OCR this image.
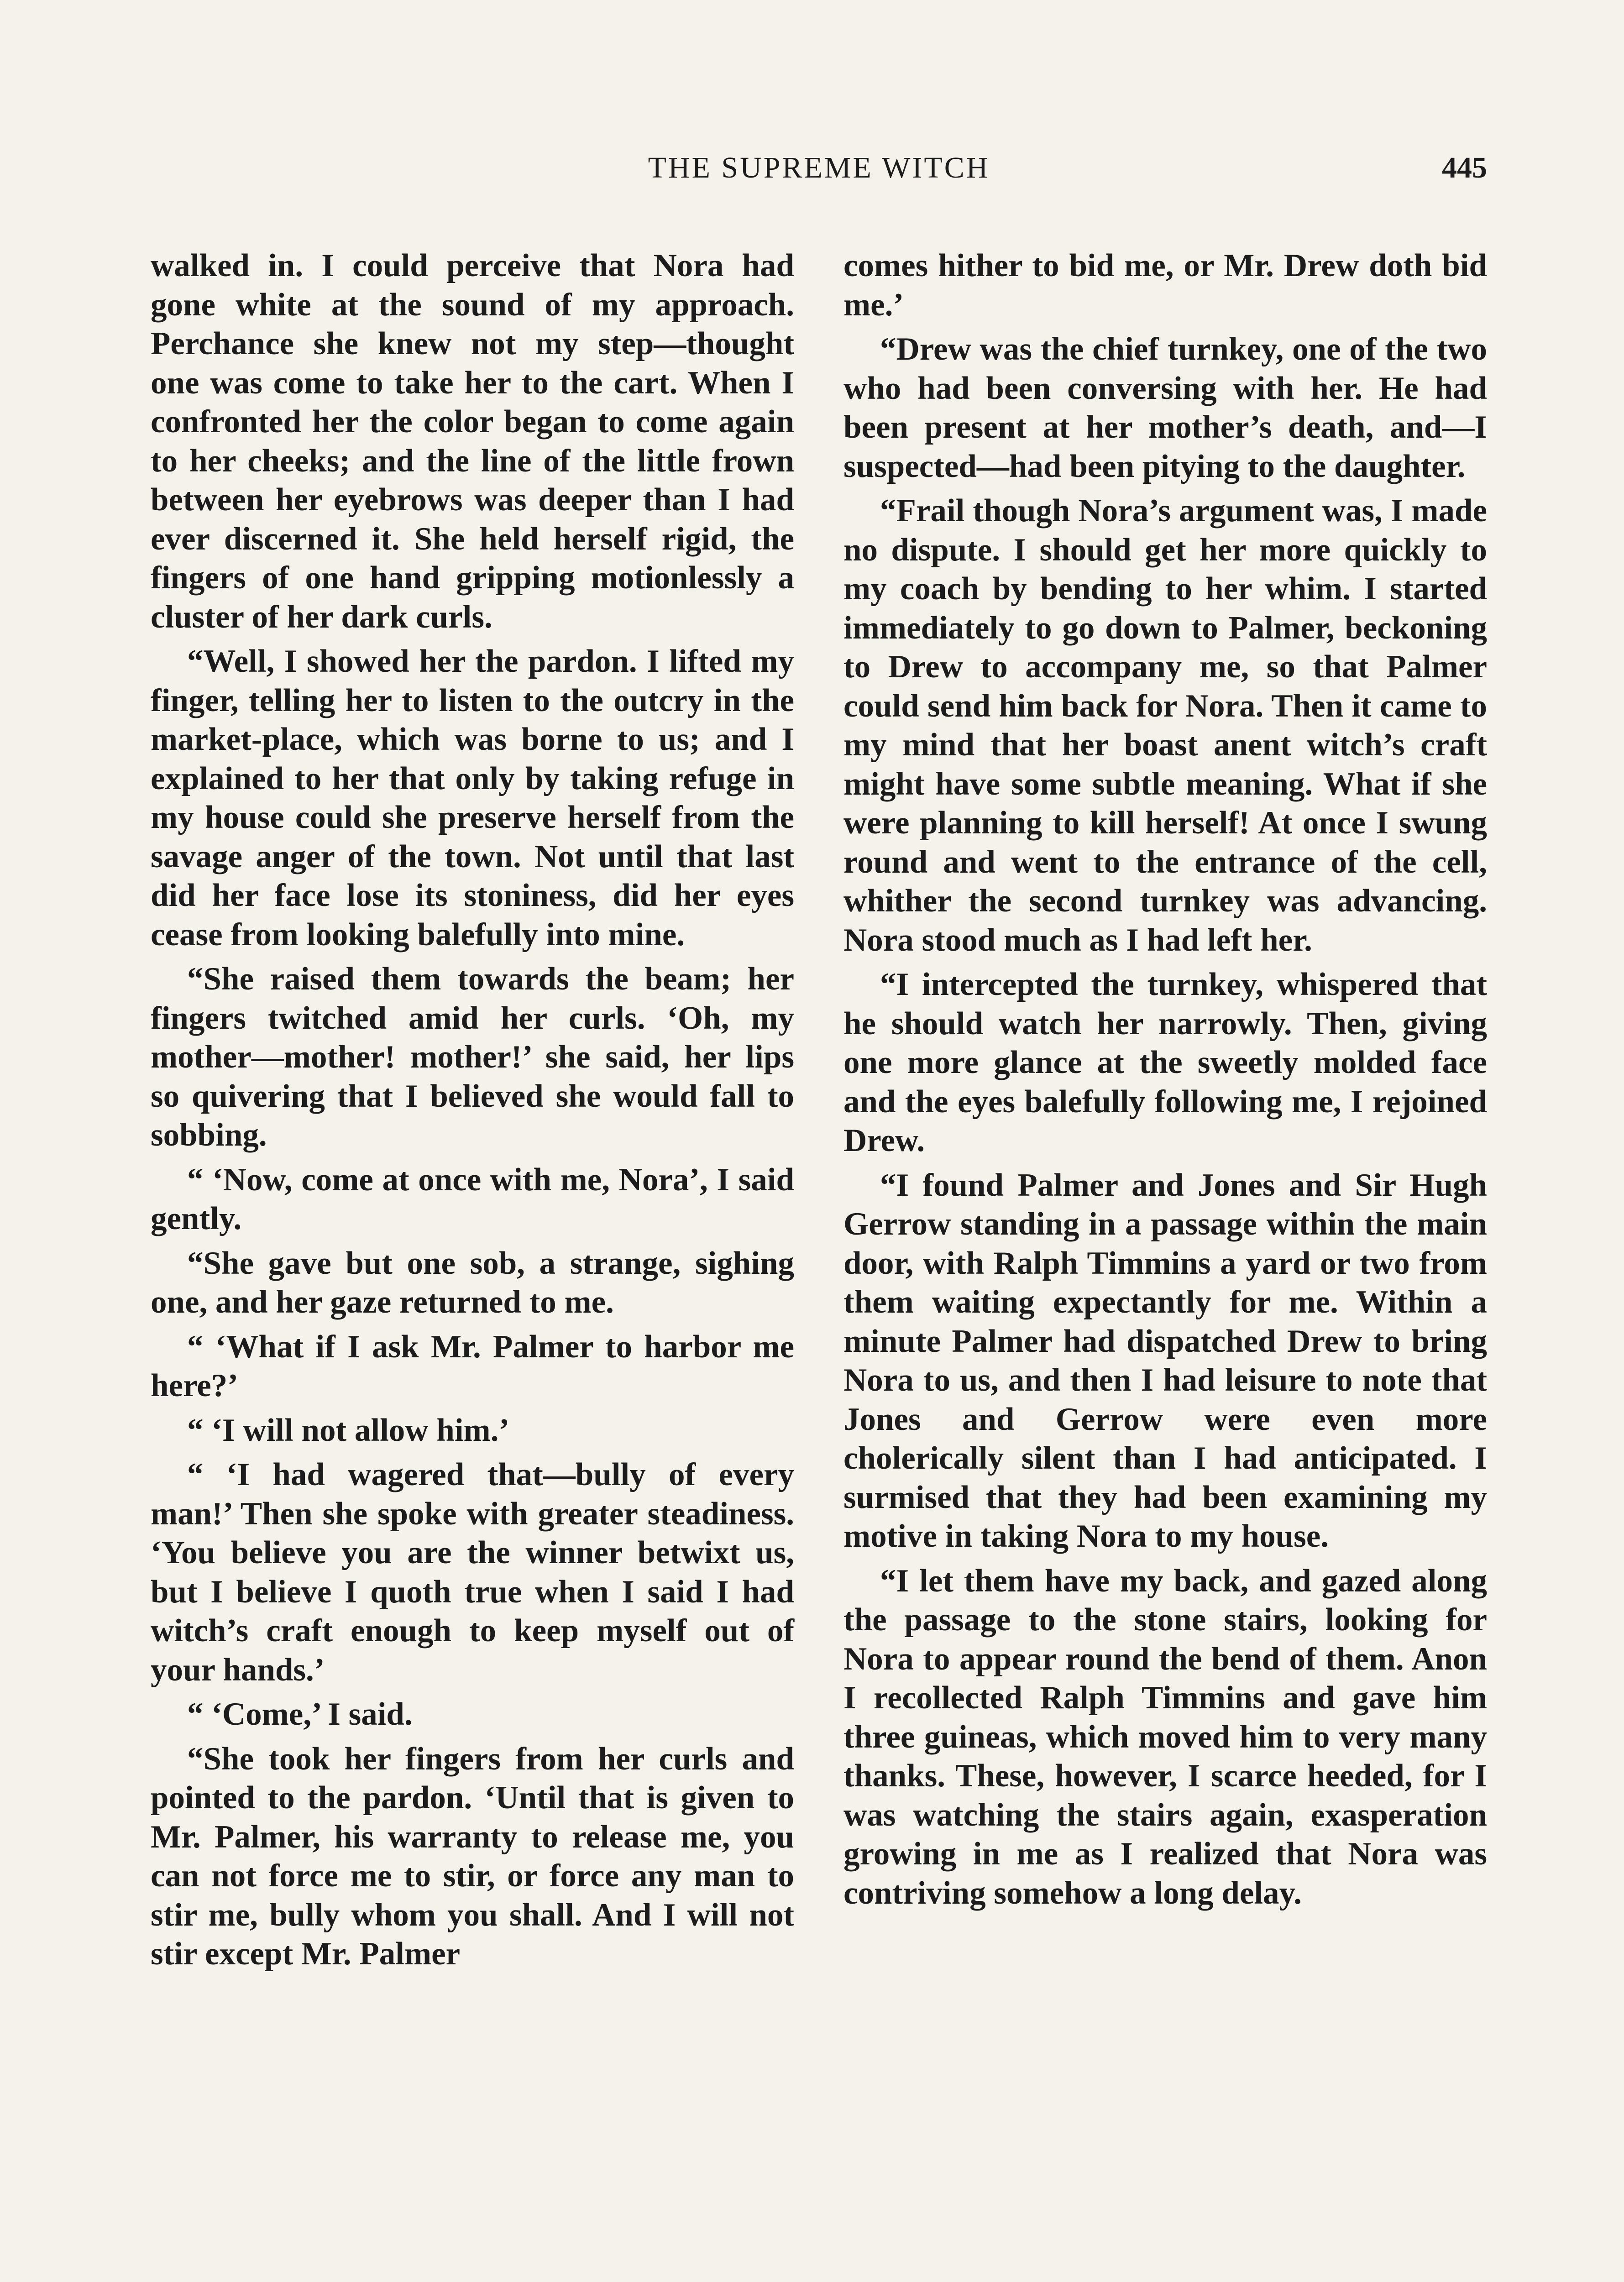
THE SUPREME WITCH	445

walked in. I could perceive that Nora had gone white at the sound of my approach. Perchance she knew not my step—thought one was come to take her to the cart. When I confronted her the color began to come again to her cheeks; and the line of the little frown between her eyebrows was deeper than I had ever discerned it. She held herself rigid, the fingers of one hand gripping motionlessly a cluster of her dark curls.

“Well, I showed her the pardon. I lifted my finger, telling her to listen to the outcry in the market-place, which was borne to us; and I explained to her that only by taking refuge in my house could she preserve herself from the savage anger of the town. Not until that last did her face lose its stoniness, did her eyes cease from looking balefully into mine.

“She raised them towards the beam; her fingers twitched amid her curls. ‘Oh, my mother—mother! mother!’ she said, her lips so quivering that I believed she would fall to sobbing.

“ ‘Now, come at once with me, Nora’, I said gently.

“She gave but one sob, a strange, sighing one, and her gaze returned to me.

“ ‘What if I ask Mr. Palmer to harbor me here?’

“ ‘I will not allow him.’

“ ‘I had wagered that—bully of every man!’ Then she spoke with greater steadiness. ‘You believe you are the winner betwixt us, but I believe I quoth true when I said I had witch’s craft enough to keep myself out of your hands.’

“ ‘Come,’ I said.

“She took her fingers from her curls and pointed to the pardon. ‘Until that is given to Mr. Palmer, his warranty to release me, you can not force me to stir, or force any man to stir me, bully whom you shall. And I will not stir except Mr. Palmer

comes hither to bid me, or Mr. Drew doth bid me.’

“Drew was the chief turnkey, one of the two who had been conversing with her. He had been present at her mother’s death, and—I suspected—had been pitying to the daughter.

“Frail though Nora’s argument was, I made no dispute. I should get her more quickly to my coach by bending to her whim. I started immediately to go down to Palmer, beckoning to Drew to accompany me, so that Palmer could send him back for Nora. Then it came to my mind that her boast anent witch’s craft might have some subtle meaning. What if she were planning to kill herself! At once I swung round and went to the entrance of the cell, whither the second turnkey was advancing. Nora stood much as I had left her.

“I intercepted the turnkey, whispered that he should watch her narrowly. Then, giving one more glance at the sweetly molded face and the eyes balefully following me, I rejoined Drew.

“I found Palmer and Jones and Sir Hugh Gerrow standing in a passage within the main door, with Ralph Timmins a yard or two from them waiting expectantly for me. Within a minute Palmer had dispatched Drew to bring Nora to us, and then I had leisure to note that Jones and Gerrow were even more cholerically silent than I had anticipated. I surmised that they had been examining my motive in taking Nora to my house.

“I let them have my back, and gazed along the passage to the stone stairs, looking for Nora to appear round the bend of them. Anon I recollected Ralph Timmins and gave him three guineas, which moved him to very many thanks. These, however, I scarce heeded, for I was watching the stairs again, exasperation growing in me as I realized that Nora was contriving somehow a long delay.
